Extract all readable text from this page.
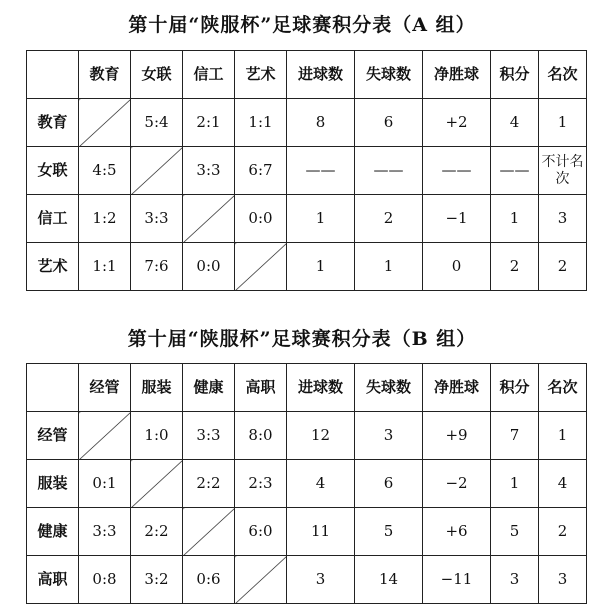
第十届“陕服杯”足球赛积分表（A 组）
	教育	女联	信工	艺术	进球数	失球数	净胜球	积分	名次
教育		5:4	2:1	1:1	8	6	+2	4	1
女联	4:5		3:3	6:7	——	——	——	——	不计名次
信工	1:2	3:3		0:0	1	2	−1	1	3
艺术	1:1	7:6	0:0		1	1	0	2	2
第十届“陕服杯”足球赛积分表（B 组）
	经管	服装	健康	高职	进球数	失球数	净胜球	积分	名次
经管		1:0	3:3	8:0	12	3	+9	7	1
服装	0:1		2:2	2:3	4	6	−2	1	4
健康	3:3	2:2		6:0	11	5	+6	5	2
高职	0:8	3:2	0:6		3	14	−11	3	3
